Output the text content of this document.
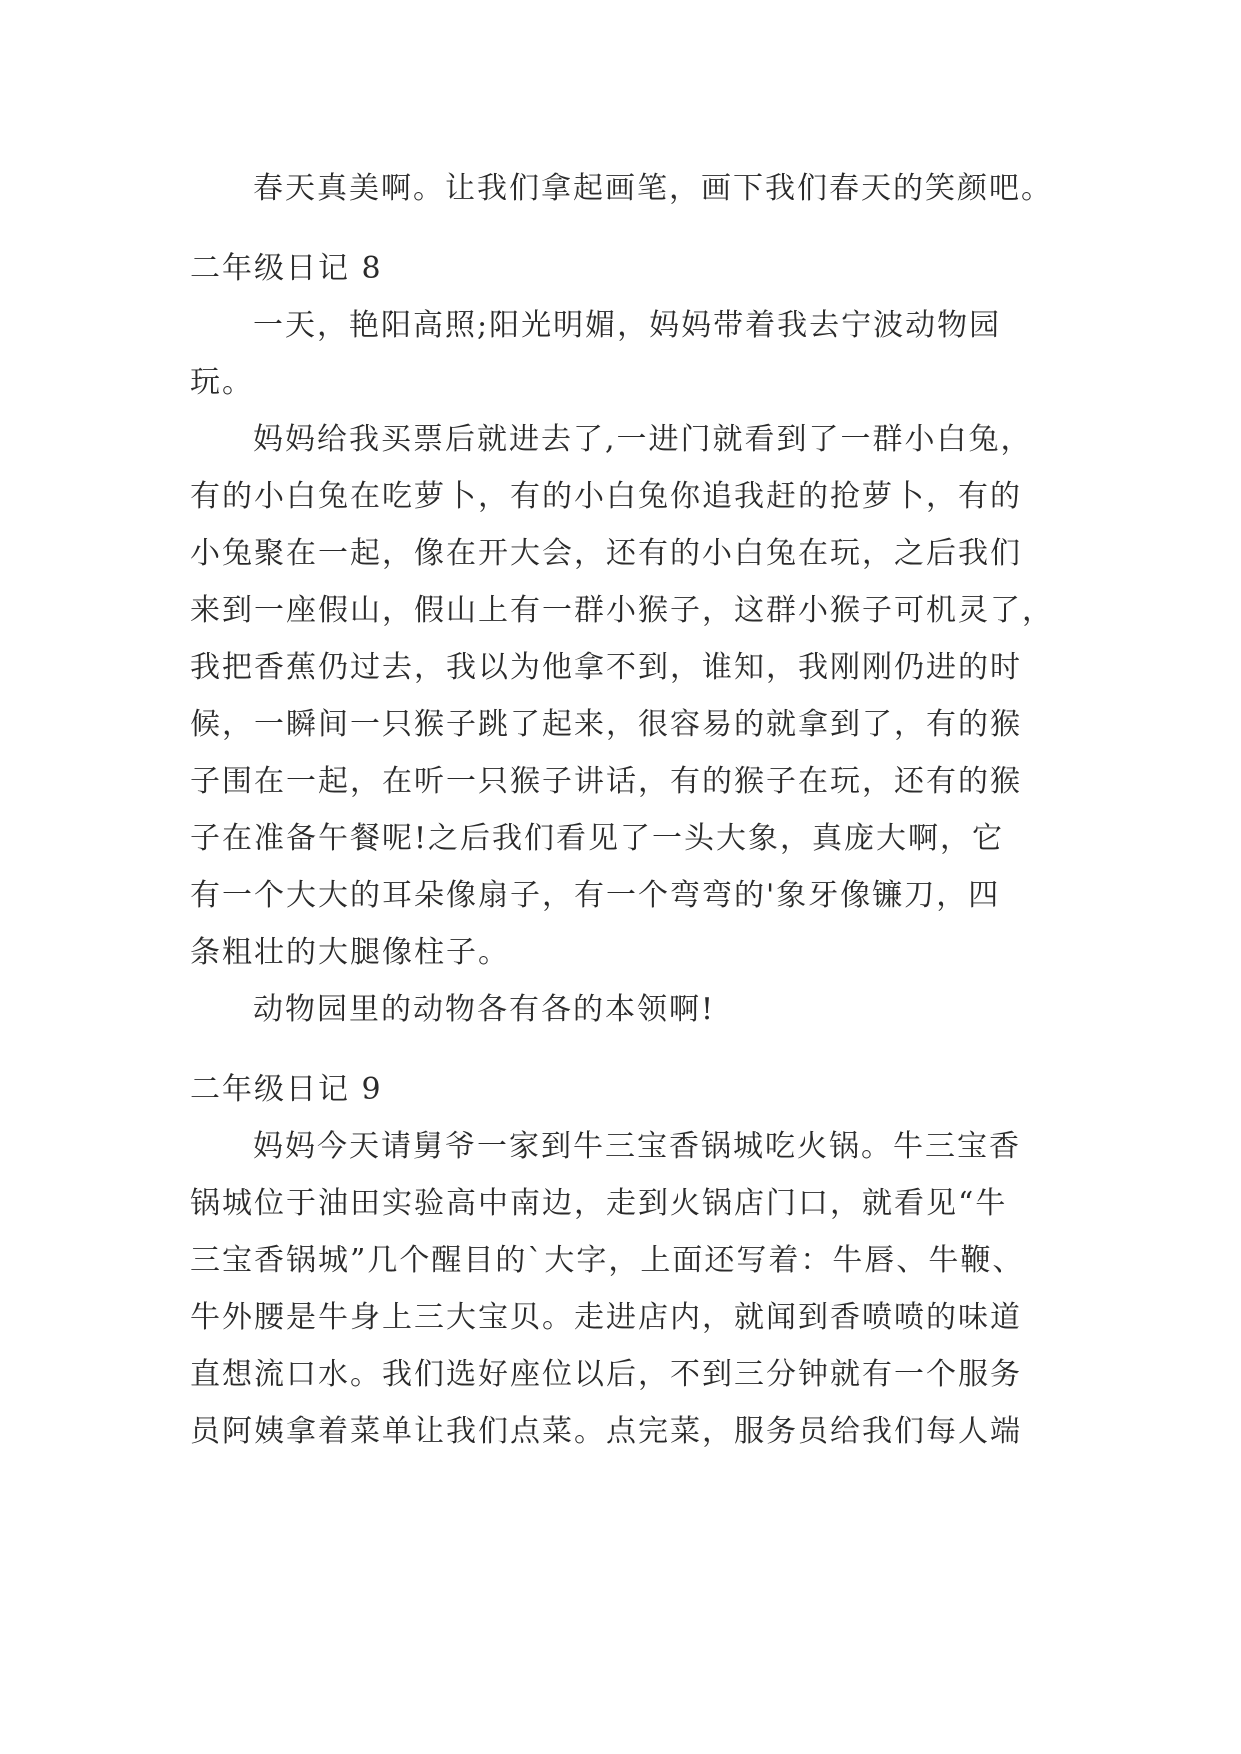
春天真美啊。让我们拿起画笔，画下我们春天的笑颜吧。
二年级日记 8
一天，艳阳高照;阳光明媚，妈妈带着我去宁波动物园
玩。
妈妈给我买票后就进去了,一进门就看到了一群小白兔，
有的小白兔在吃萝卜，有的小白兔你追我赶的抢萝卜，有的
小兔聚在一起，像在开大会，还有的小白兔在玩，之后我们
来到一座假山，假山上有一群小猴子，这群小猴子可机灵了，
我把香蕉仍过去，我以为他拿不到，谁知，我刚刚仍进的时
候，一瞬间一只猴子跳了起来，很容易的就拿到了，有的猴
子围在一起，在听一只猴子讲话，有的猴子在玩，还有的猴
子在准备午餐呢!之后我们看见了一头大象，真庞大啊，它
有一个大大的耳朵像扇子，有一个弯弯的'象牙像镰刀，四
条粗壮的大腿像柱子。
动物园里的动物各有各的本领啊!
二年级日记 9
妈妈今天请舅爷一家到牛三宝香锅城吃火锅。牛三宝香
锅城位于油田实验高中南边，走到火锅店门口，就看见“牛
三宝香锅城”几个醒目的`大字，上面还写着：牛唇、牛鞭、
牛外腰是牛身上三大宝贝。走进店内，就闻到香喷喷的味道
直想流口水。我们选好座位以后，不到三分钟就有一个服务
员阿姨拿着菜单让我们点菜。点完菜，服务员给我们每人端
